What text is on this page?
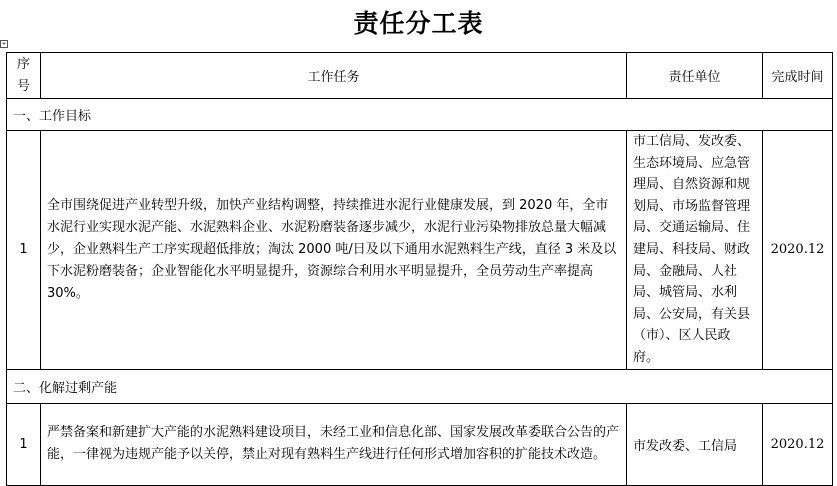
责任分工表
+
序号	工作任务	责任单位	完成时间
一、工作目标			
1	全市围绕促进产业转型升级，加快产业结构调整，持续推进水泥行业健康发展，到 2020 年，全市水泥行业实现水泥产能、水泥熟料企业、水泥粉磨装备逐步减少，水泥行业污染物排放总量大幅减少，企业熟料生产工序实现超低排放；淘汰 2000 吨/日及以下通用水泥熟料生产线，直径 3 米及以下水泥粉磨装备；企业智能化水平明显提升，资源综合利用水平明显提升，全员劳动生产率提高 30%。	市工信局、发改委、生态环境局、应急管理局、自然资源和规划局、市场监督管理局、交通运输局、住建局、科技局、财政局、金融局、人社局、城管局、水利局、公安局，有关县（市）、区人民政府。	2020.12
二、化解过剩产能			
1	严禁备案和新建扩大产能的水泥熟料建设项目，未经工业和信息化部、国家发展改革委联合公告的产能，一律视为违规产能予以关停，禁止对现有熟料生产线进行任何形式增加容积的扩能技术改造。	市发改委、工信局	2020.12
